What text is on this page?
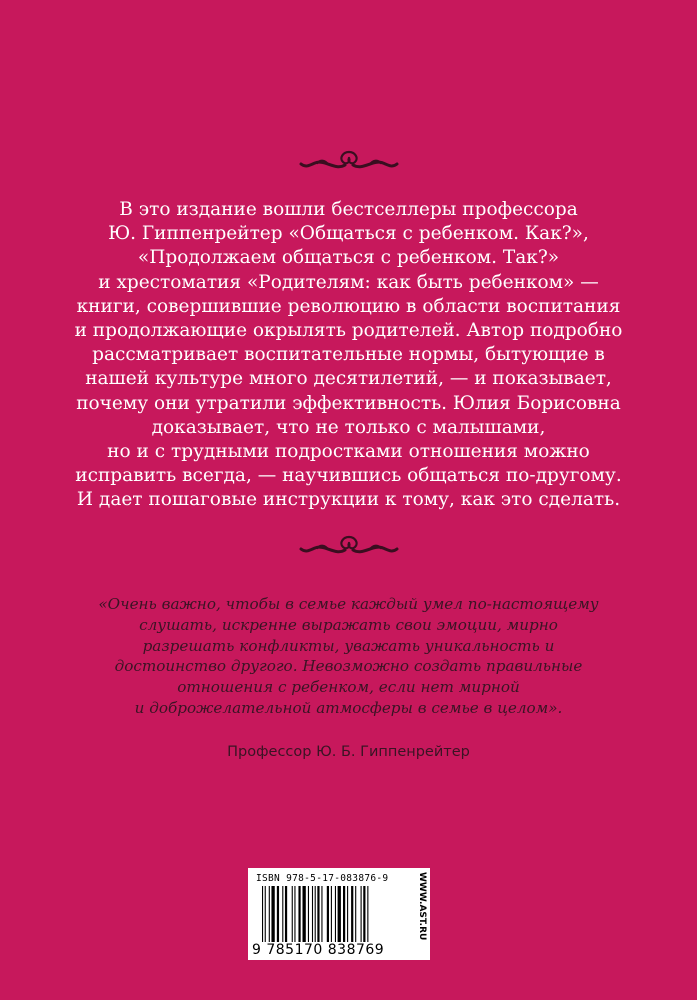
В это издание вошли бестселлеры профессора
Ю. Гиппенрейтер «Общаться с ребенком. Как?»,
«Продолжаем общаться с ребенком. Так?»
и хрестоматия «Родителям: как быть ребенком» —
книги, совершившие революцию в области воспитания
и продолжающие окрылять родителей. Автор подробно
рассматривает воспитательные нормы, бытующие в
нашей культуре много десятилетий, — и показывает,
почему они утратили эффективность. Юлия Борисовна
доказывает, что не только с малышами,
но и с трудными подростками отношения можно
исправить всегда, — научившись общаться по-другому.
И дает пошаговые инструкции к тому, как это сделать.
«Очень важно, чтобы в семье каждый умел по-настоящему
слушать, искренне выражать свои эмоции, мирно
разрешать конфликты, уважать уникальность и
достоинство другого. Невозможно создать правильные
отношения с ребенком, если нет мирной
и доброжелательной атмосферы в семье в целом».
Профессор Ю. Б. Гиппенрейтер
ISBN 978-5-17-083876-9
9 785170 838769
WWW.AST.RU
